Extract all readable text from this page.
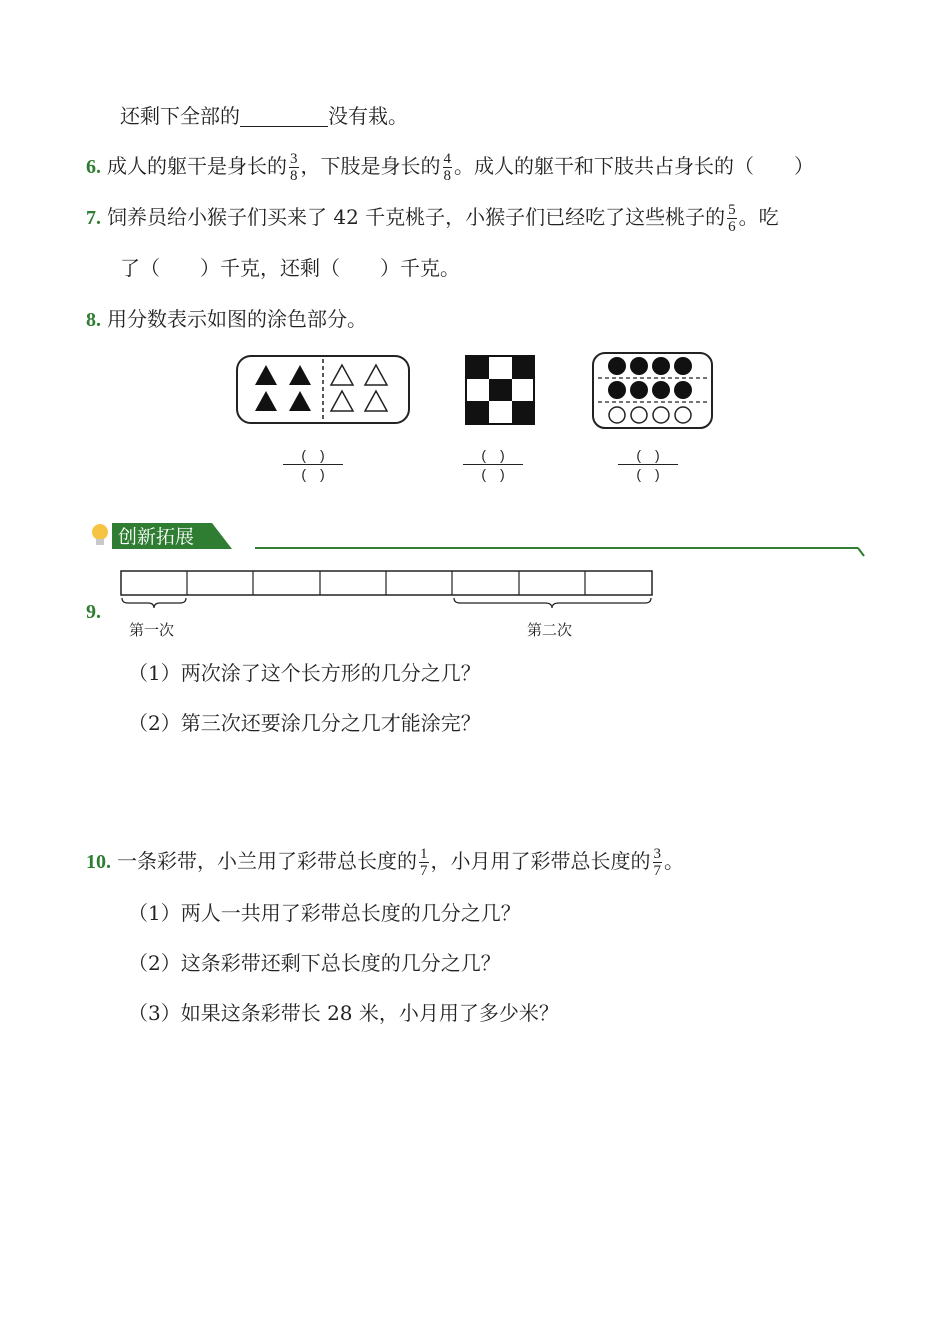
还剩下全部的	没有栽。
6. 成人的躯干是身长的 $\frac{3}{8}$ ，下肢是身长的 $\frac{4}{8}$ 。成人的躯干和下肢共占身长的（　　）
7. 饲养员给小猴子们买来了 42 千克桃子，小猴子们已经吃了这些桃子的 $\frac{5}{6}$ 。吃
了（　　）千克，还剩（　　）千克。
8. 用分数表示如图的涂色部分。
(　)
(　)
(　)
(　)
(　)
(　)
创新拓展
9.
第一次	第二次
（1）两次涂了这个长方形的几分之几？
（2）第三次还要涂几分之几才能涂完？
10. 一条彩带，小兰用了彩带总长度的 $\frac{1}{7}$ ，小月用了彩带总长度的 $\frac{3}{7}$ 。
（1）两人一共用了彩带总长度的几分之几？
（2）这条彩带还剩下总长度的几分之几？
（3）如果这条彩带长 28 米，小月用了多少米？
